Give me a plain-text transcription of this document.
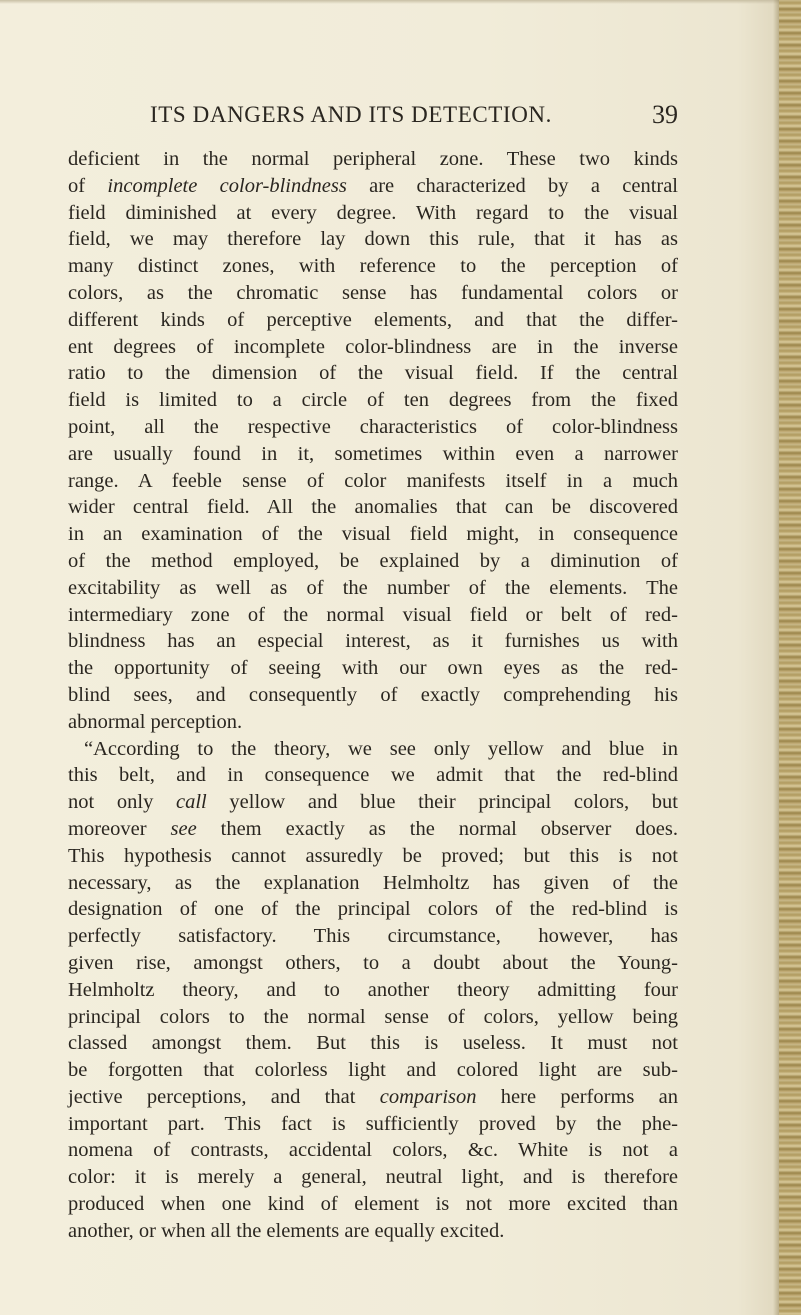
ITS DANGERS AND ITS DETECTION.	39
deficient in the normal peripheral zone. These two kinds
of incomplete color-blindness are characterized by a central
field diminished at every degree. With regard to the visual
field, we may therefore lay down this rule, that it has as
many distinct zones, with reference to the perception of
colors, as the chromatic sense has fundamental colors or
different kinds of perceptive elements, and that the differ-
ent degrees of incomplete color-blindness are in the inverse
ratio to the dimension of the visual field. If the central
field is limited to a circle of ten degrees from the fixed
point, all the respective characteristics of color-blindness
are usually found in it, sometimes within even a narrower
range. A feeble sense of color manifests itself in a much
wider central field. All the anomalies that can be discovered
in an examination of the visual field might, in consequence
of the method employed, be explained by a diminution of
excitability as well as of the number of the elements. The
intermediary zone of the normal visual field or belt of red-
blindness has an especial interest, as it furnishes us with
the opportunity of seeing with our own eyes as the red-
blind sees, and consequently of exactly comprehending his
abnormal perception.
“According to the theory, we see only yellow and blue in
this belt, and in consequence we admit that the red-blind
not only call yellow and blue their principal colors, but
moreover see them exactly as the normal observer does.
This hypothesis cannot assuredly be proved; but this is not
necessary, as the explanation Helmholtz has given of the
designation of one of the principal colors of the red-blind is
perfectly satisfactory. This circumstance, however, has
given rise, amongst others, to a doubt about the Young-
Helmholtz theory, and to another theory admitting four
principal colors to the normal sense of colors, yellow being
classed amongst them. But this is useless. It must not
be forgotten that colorless light and colored light are sub-
jective perceptions, and that comparison here performs an
important part. This fact is sufficiently proved by the phe-
nomena of contrasts, accidental colors, &c. White is not a
color: it is merely a general, neutral light, and is therefore
produced when one kind of element is not more excited than
another, or when all the elements are equally excited.
